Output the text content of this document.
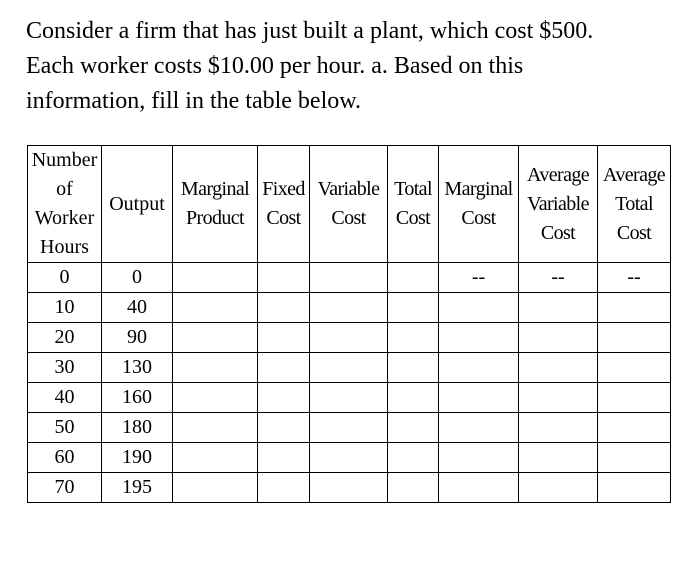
Consider a firm that has just built a plant, which cost $500.
Each worker costs $10.00 per hour. a. Based on this
information, fill in the table below.
Number
of
Worker
Hours	Output	Marginal
Product	Fixed
Cost	Variable
Cost	Total
Cost	Marginal
Cost	Average
Variable
Cost	Average
Total
Cost

0	0					--	--	--
10	40							
20	90							
30	130							
40	160							
50	180							
60	190							
70	195							
